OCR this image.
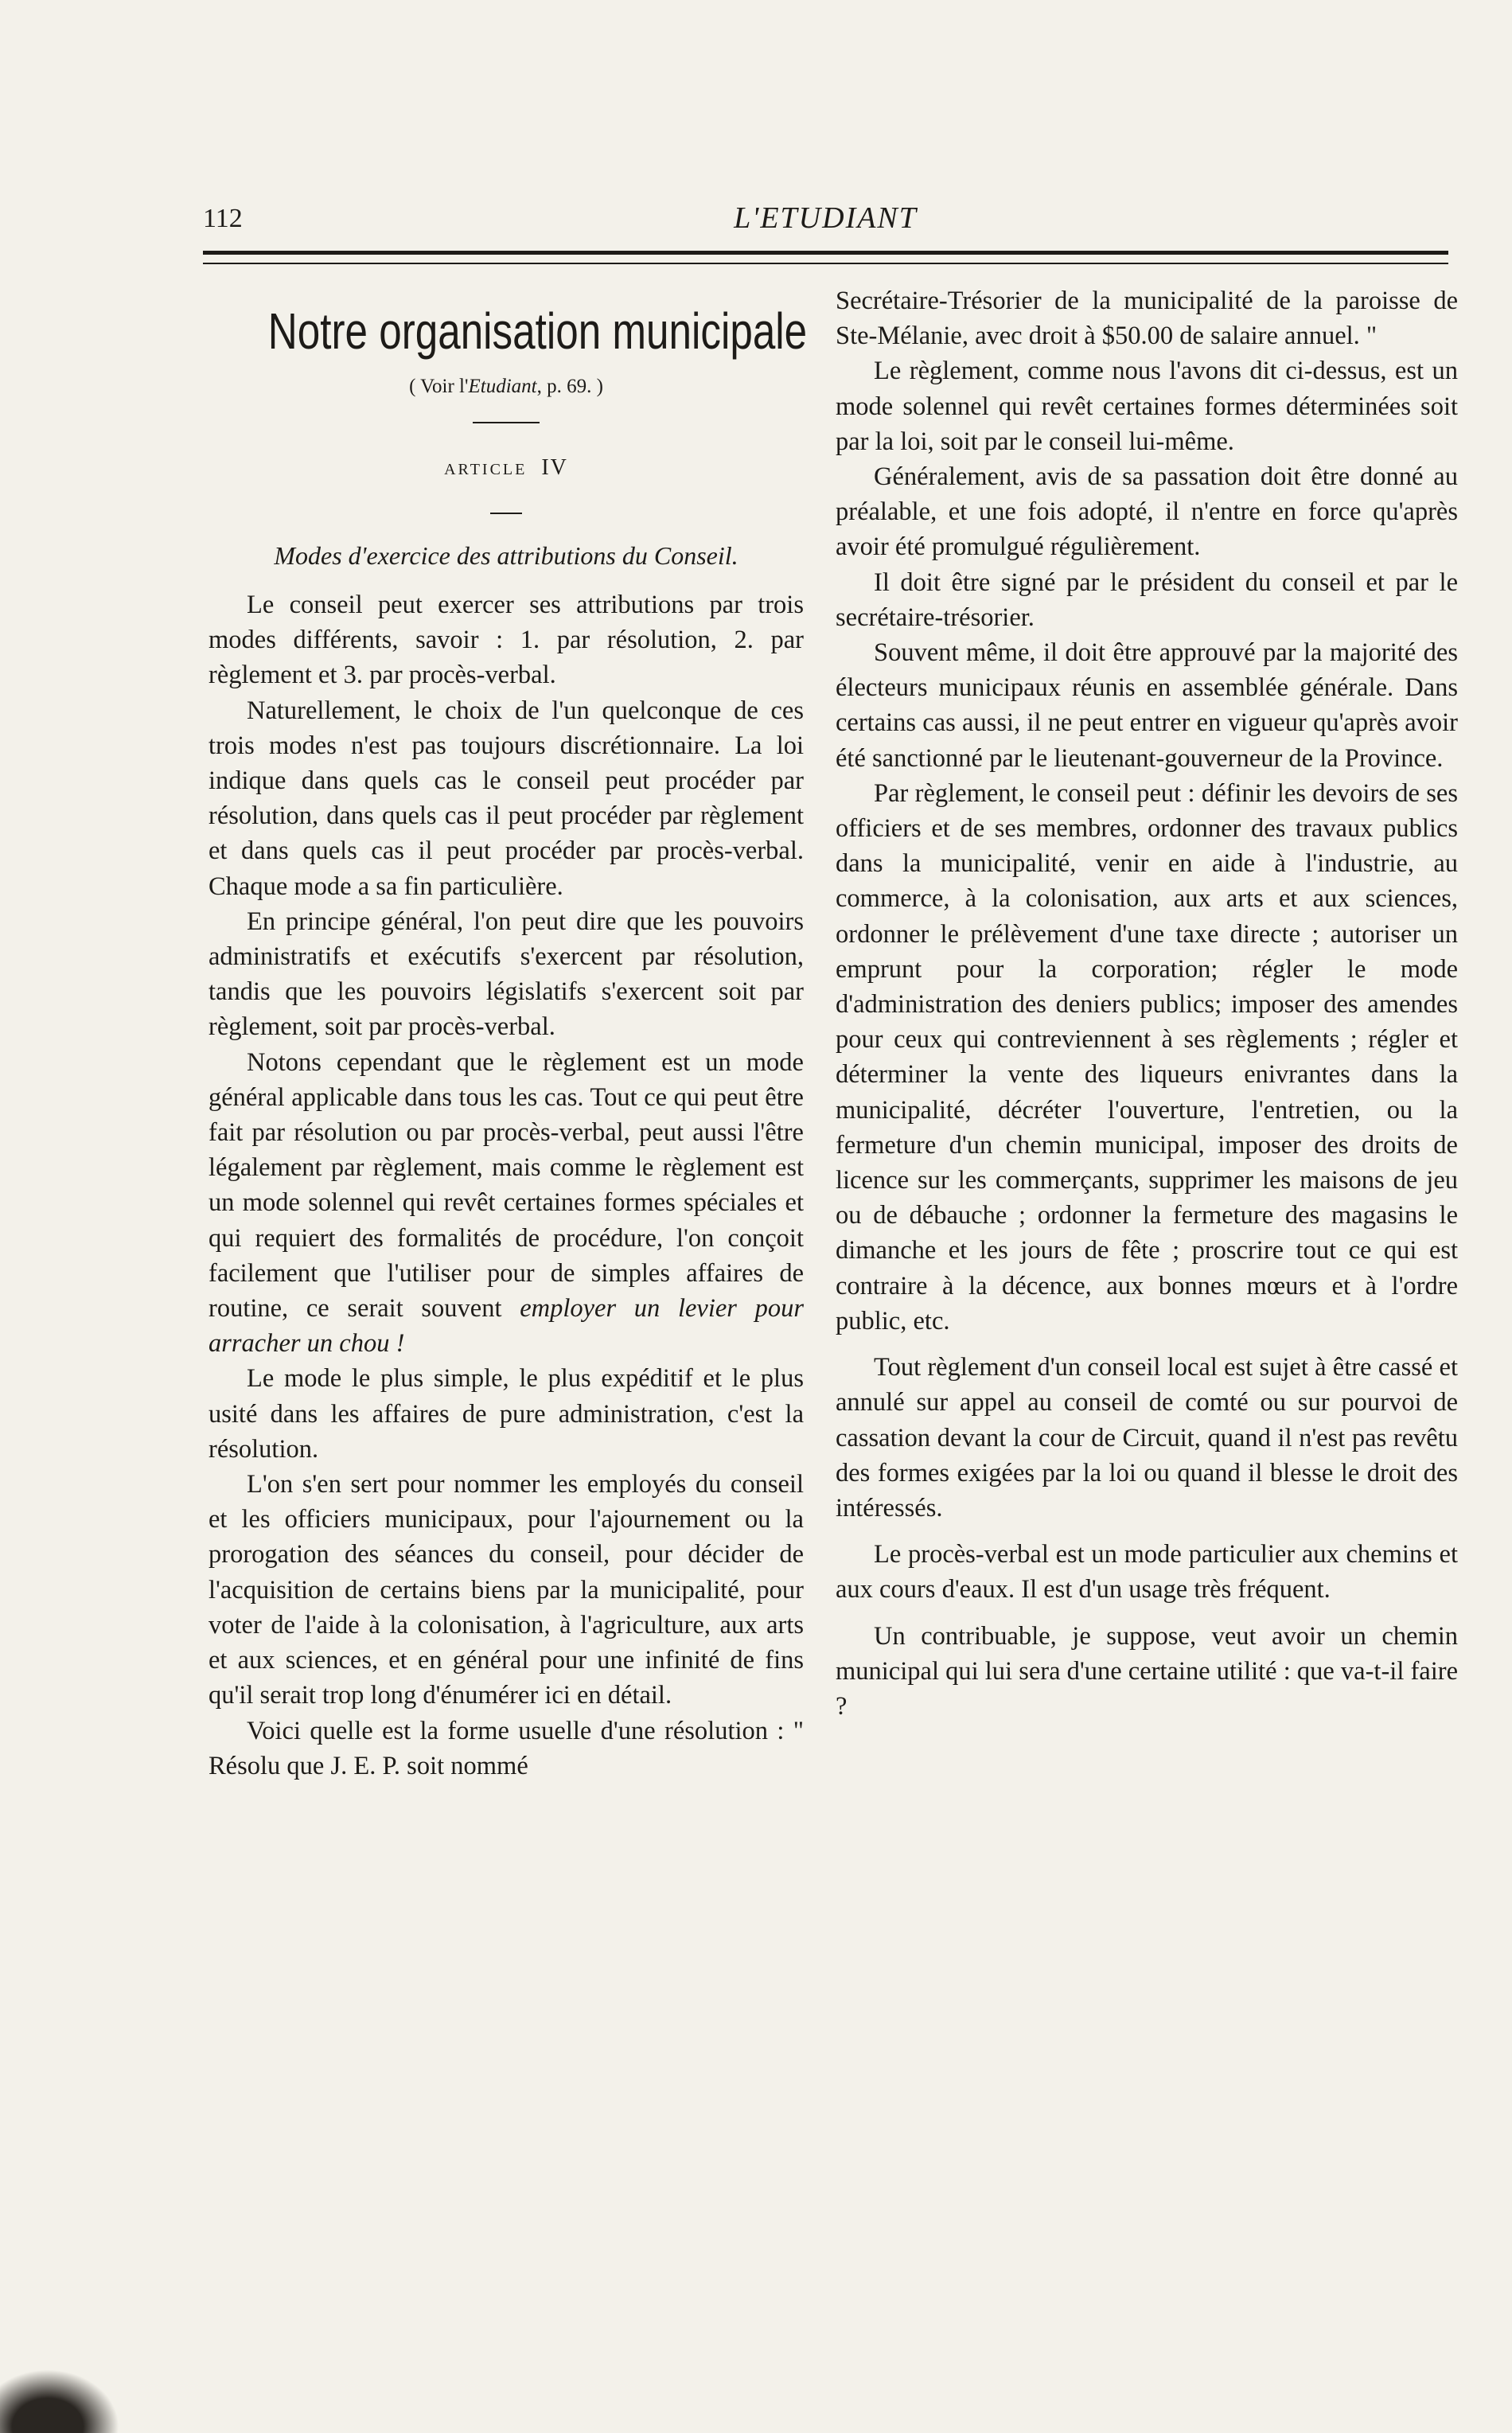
112	L'ETUDIANT
Notre organisation municipale
( Voir l'Etudiant, p. 69. )
ARTICLE IV
Modes d'exercice des attributions du Conseil.

Le conseil peut exercer ses attributions par trois modes différents, savoir : 1. par résolution, 2. par règlement et 3. par procès-verbal.

Naturellement, le choix de l'un quelconque de ces trois modes n'est pas toujours discrétionnaire. La loi indique dans quels cas le conseil peut procéder par résolution, dans quels cas il peut procéder par règlement et dans quels cas il peut procéder par procès-verbal. Chaque mode a sa fin particulière.

En principe général, l'on peut dire que les pouvoirs administratifs et exécutifs s'exercent par résolution, tandis que les pouvoirs législatifs s'exercent soit par règlement, soit par procès-verbal.

Notons cependant que le règlement est un mode général applicable dans tous les cas. Tout ce qui peut être fait par résolution ou par procès-verbal, peut aussi l'être légalement par règlement, mais comme le règlement est un mode solennel qui revêt certaines formes spéciales et qui requiert des formalités de procédure, l'on conçoit facilement que l'utiliser pour de simples affaires de routine, ce serait souvent employer un levier pour arracher un chou !

Le mode le plus simple, le plus expéditif et le plus usité dans les affaires de pure administration, c'est la résolution.

L'on s'en sert pour nommer les employés du conseil et les officiers municipaux, pour l'ajournement ou la prorogation des séances du conseil, pour décider de l'acquisition de certains biens par la municipalité, pour voter de l'aide à la colonisation, à l'agriculture, aux arts et aux sciences, et en général pour une infinité de fins qu'il serait trop long d'énumérer ici en détail.

Voici quelle est la forme usuelle d'une résolution : " Résolu que J. E. P. soit nommé

Secrétaire-Trésorier de la municipalité de la paroisse de Ste-Mélanie, avec droit à $50.00 de salaire annuel. "

Le règlement, comme nous l'avons dit ci-dessus, est un mode solennel qui revêt certaines formes déterminées soit par la loi, soit par le conseil lui-même.

Généralement, avis de sa passation doit être donné au préalable, et une fois adopté, il n'entre en force qu'après avoir été promulgué régulièrement.

Il doit être signé par le président du conseil et par le secrétaire-trésorier.

Souvent même, il doit être approuvé par la majorité des électeurs municipaux réunis en assemblée générale. Dans certains cas aussi, il ne peut entrer en vigueur qu'après avoir été sanctionné par le lieutenant-gouverneur de la Province.

Par règlement, le conseil peut : définir les devoirs de ses officiers et de ses membres, ordonner des travaux publics dans la municipalité, venir en aide à l'industrie, au commerce, à la colonisation, aux arts et aux sciences, ordonner le prélèvement d'une taxe directe ; autoriser un emprunt pour la corporation; régler le mode d'administration des deniers publics; imposer des amendes pour ceux qui contreviennent à ses règlements ; régler et déterminer la vente des liqueurs enivrantes dans la municipalité, décréter l'ouverture, l'entretien, ou la fermeture d'un chemin municipal, imposer des droits de licence sur les commerçants, supprimer les maisons de jeu ou de débauche ; ordonner la fermeture des magasins le dimanche et les jours de fête ; proscrire tout ce qui est contraire à la décence, aux bonnes mœurs et à l'ordre public, etc.

Tout règlement d'un conseil local est sujet à être cassé et annulé sur appel au conseil de comté ou sur pourvoi de cassation devant la cour de Circuit, quand il n'est pas revêtu des formes exigées par la loi ou quand il blesse le droit des intéressés.

Le procès-verbal est un mode particulier aux chemins et aux cours d'eaux. Il est d'un usage très fréquent.

Un contribuable, je suppose, veut avoir un chemin municipal qui lui sera d'une certaine utilité : que va-t-il faire ?
